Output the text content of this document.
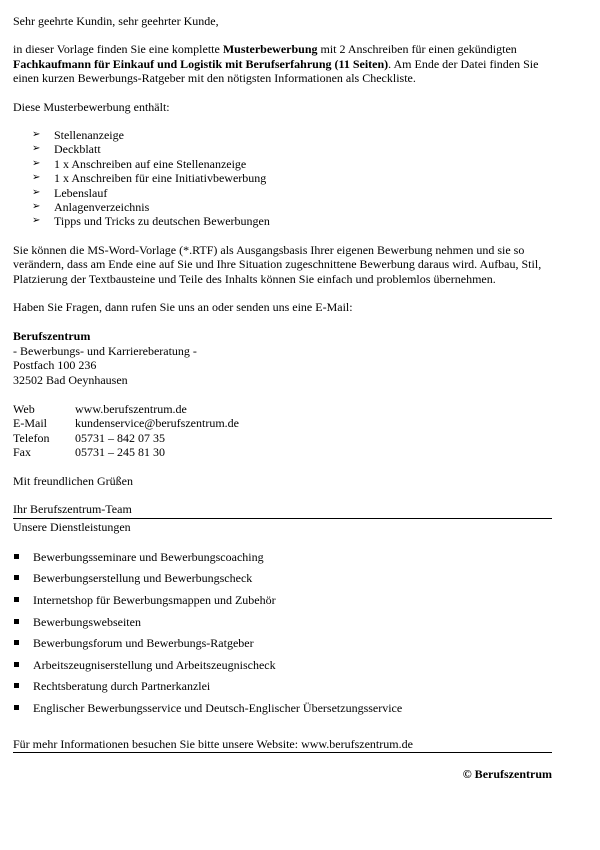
Sehr geehrte Kundin, sehr geehrter Kunde,

in dieser Vorlage finden Sie eine komplette Musterbewerbung mit 2 Anschreiben für einen gekündigten Fachkaufmann für Einkauf und Logistik mit Berufserfahrung (11 Seiten). Am Ende der Datei finden Sie einen kurzen Bewerbungs-Ratgeber mit den nötigsten Informationen als Checkliste.

Diese Musterbewerbung enthält:

➢ Stellenanzeige
➢ Deckblatt
➢ 1 x Anschreiben auf eine Stellenanzeige
➢ 1 x Anschreiben für eine Initiativbewerbung
➢ Lebenslauf
➢ Anlagenverzeichnis
➢ Tipps und Tricks zu deutschen Bewerbungen

Sie können die MS-Word-Vorlage (*.RTF) als Ausgangsbasis Ihrer eigenen Bewerbung nehmen und sie so verändern, dass am Ende eine auf Sie und Ihre Situation zugeschnittene Bewerbung daraus wird. Aufbau, Stil, Platzierung der Textbausteine und Teile des Inhalts können Sie einfach und problemlos übernehmen.

Haben Sie Fragen, dann rufen Sie uns an oder senden uns eine E-Mail:

Berufszentrum
- Bewerbungs- und Karriereberatung -
Postfach 100 236
32502 Bad Oeynhausen
Web	www.berufszentrum.de
E-Mail	kundenservice@berufszentrum.de
Telefon	05731 – 842 07 35
Fax	05731 – 245 81 30

Mit freundlichen Grüßen

Ihr Berufszentrum-Team

Unsere Dienstleistungen

Bewerbungsseminare und Bewerbungscoaching
Bewerbungserstellung und Bewerbungscheck
Internetshop für Bewerbungsmappen und Zubehör
Bewerbungswebseiten
Bewerbungsforum und Bewerbungs-Ratgeber
Arbeitszeugniserstellung und Arbeitszeugnischeck
Rechtsberatung durch Partnerkanzlei
Englischer Bewerbungsservice und Deutsch-Englischer Übersetzungsservice

Für mehr Informationen besuchen Sie bitte unsere Website: www.berufszentrum.de

© Berufszentrum
